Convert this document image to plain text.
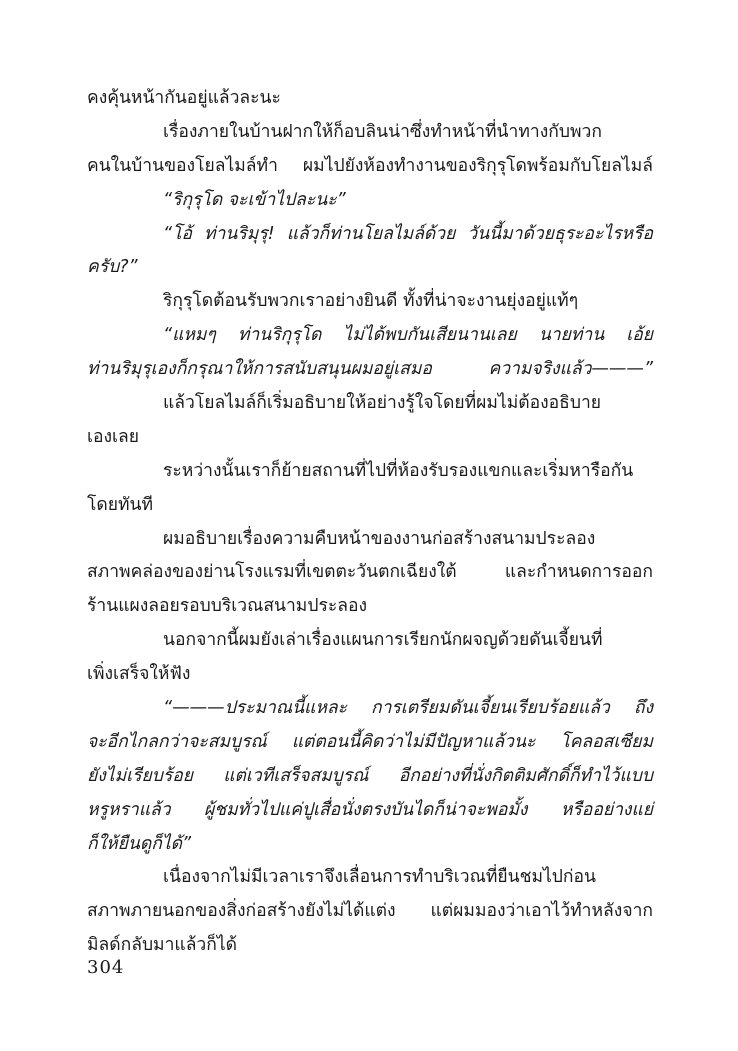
คงคุ้นหน้ากันอยู่แล้วละนะ
เรื่องภายในบ้านฝากให้ก็อบลินน่าซึ่งทำหน้าที่นำทางกับพวก
คนในบ้านของโยลไมล์ทำ ผมไปยังห้องทำงานของริกุรุโดพร้อมกับโยลไมล์
“ริกุรุโด จะเข้าไปละนะ”
“โอ้ ท่านริมุรุ! แล้วก็ท่านโยลไมล์ด้วย วันนี้มาด้วยธุระอะไรหรือ
ครับ?”
ริกุรุโดต้อนรับพวกเราอย่างยินดี ทั้งที่น่าจะงานยุ่งอยู่แท้ๆ
“แหมๆ ท่านริกุรุโด ไม่ได้พบกันเสียนานเลย นายท่าน เอ้ย
ท่านริมุรุเองก็กรุณาให้การสนับสนุนผมอยู่เสมอ ความจริงแล้ว———”
แล้วโยลไมล์ก็เริ่มอธิบายให้อย่างรู้ใจโดยที่ผมไม่ต้องอธิบาย
เองเลย
ระหว่างนั้นเราก็ย้ายสถานที่ไปที่ห้องรับรองแขกและเริ่มหารือกัน
โดยทันที
ผมอธิบายเรื่องความคืบหน้าของงานก่อสร้างสนามประลอง
สภาพคล่องของย่านโรงแรมที่เขตตะวันตกเฉียงใต้ และกำหนดการออก
ร้านแผงลอยรอบบริเวณสนามประลอง
นอกจากนี้ผมยังเล่าเรื่องแผนการเรียกนักผจญด้วยดันเจี้ยนที่
เพิ่งเสร็จให้ฟัง
“———ประมาณนี้แหละ การเตรียมดันเจี้ยนเรียบร้อยแล้ว ถึง
จะอีกไกลกว่าจะสมบูรณ์ แต่ตอนนี้คิดว่าไม่มีปัญหาแล้วนะ โคลอสเซียม
ยังไม่เรียบร้อย แต่เวทีเสร็จสมบูรณ์ อีกอย่างที่นั่งกิตติมศักดิ์ก็ทำไว้แบบ
หรูหราแล้ว ผู้ชมทั่วไปแค่ปูเสื่อนั่งตรงบันไดก็น่าจะพอมั้ง หรืออย่างแย่
ก็ให้ยืนดูก็ได้”
เนื่องจากไม่มีเวลาเราจึงเลื่อนการทำบริเวณที่ยืนชมไปก่อน
สภาพภายนอกของสิ่งก่อสร้างยังไม่ได้แต่ง แต่ผมมองว่าเอาไว้ทำหลังจาก
มิลด์กลับมาแล้วก็ได้
304
